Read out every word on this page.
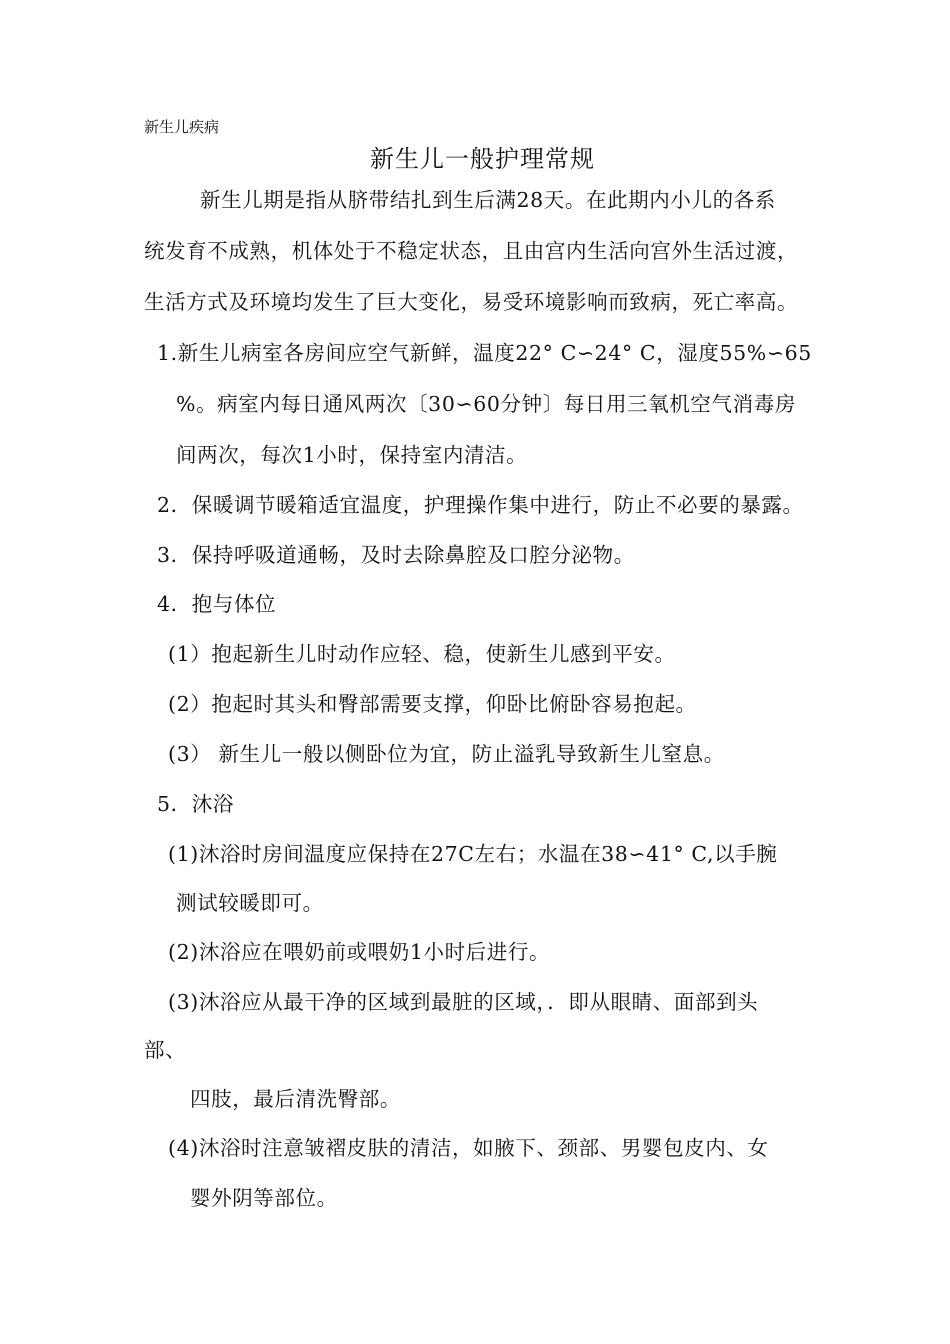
新生儿疾病
新生儿一般护理常规
新生儿期是指从脐带结扎到生后满28天。在此期内小儿的各系
统发育不成熟，机体处于不稳定状态，且由宫内生活向宫外生活过渡，
生活方式及环境均发生了巨大变化，易受环境影响而致病，死亡率高。
1.新生儿病室各房间应空气新鲜，温度22° C∽24° C，湿度55%∽65
%。病室内每日通风两次〔30∽60分钟〕每日用三氧机空气消毒房
间两次，每次1小时，保持室内清洁。
2．保暖调节暖箱适宜温度，护理操作集中进行，防止不必要的暴露。
3．保持呼吸道通畅，及时去除鼻腔及口腔分泌物。
4．抱与体位
(1）抱起新生儿时动作应轻、稳，使新生儿感到平安。
(2）抱起时其头和臀部需要支撑，仰卧比俯卧容易抱起。
(3） 新生儿一般以侧卧位为宜，防止溢乳导致新生儿窒息。
5．沐浴
(1)沐浴时房间温度应保持在27C左右；水温在38∽41° C,以手腕
测试较暖即可。
(2)沐浴应在喂奶前或喂奶1小时后进行。
(3)沐浴应从最干净的区域到最脏的区域，．即从眼睛、面部到头
部、
四肢，最后清洗臀部。
(4)沐浴时注意皱褶皮肤的清洁，如腋下、颈部、男婴包皮内、女
婴外阴等部位。
